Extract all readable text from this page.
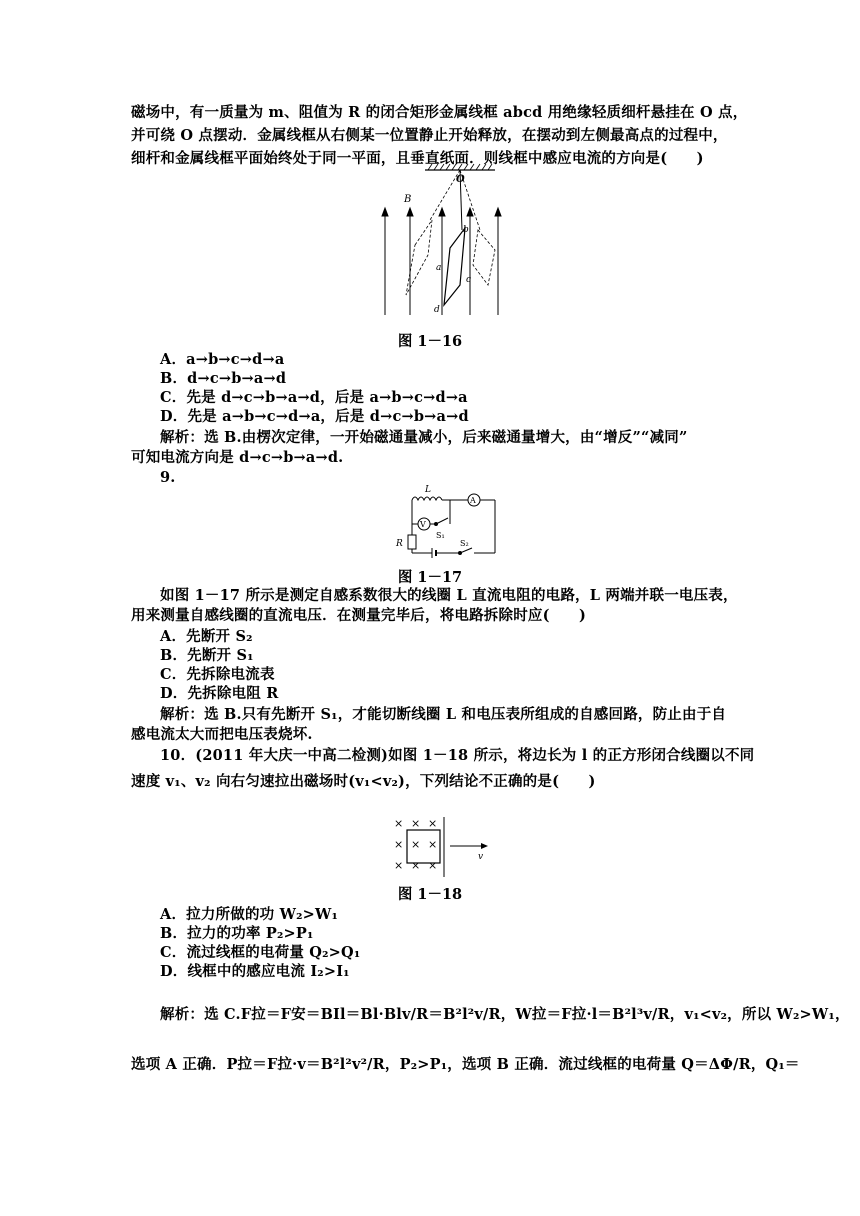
磁场中，有一质量为 m、阻值为 R 的闭合矩形金属线框 abcd 用绝缘轻质细杆悬挂在 O 点，
并可绕 O 点摆动．金属线框从右侧某一位置静止开始释放，在摆动到左侧最高点的过程中，
细杆和金属线框平面始终处于同一平面，且垂直纸面．则线框中感应电流的方向是(　　)
O
B
a
b
c
d
图 1－16
A．a→b→c→d→a
B．d→c→b→a→d
C．先是 d→c→b→a→d，后是 a→b→c→d→a
D．先是 a→b→c→d→a，后是 d→c→b→a→d
解析：选 B.由楞次定律，一开始磁通量减小，后来磁通量增大，由“增反”“减同”
可知电流方向是 d→c→b→a→d.
9.
L
A
V
S₁
S₂
R
图 1－17
如图 1－17 所示是测定自感系数很大的线圈 L 直流电阻的电路，L 两端并联一电压表，
用来测量自感线圈的直流电压．在测量完毕后，将电路拆除时应(　　)
A．先断开 S₂
B．先断开 S₁
C．先拆除电流表
D．先拆除电阻 R
解析：选 B.只有先断开 S₁，才能切断线圈 L 和电压表所组成的自感回路，防止由于自
感电流太大而把电压表烧坏.
10．(2011 年大庆一中高二检测)如图 1－18 所示，将边长为 l 的正方形闭合线圈以不同
速度 v₁、v₂ 向右匀速拉出磁场时(v₁<v₂)，下列结论不正确的是(　　)
× × ×
× × ×
× × ×
v
图 1－18
A．拉力所做的功 W₂>W₁
B．拉力的功率 P₂>P₁
C．流过线框的电荷量 Q₂>Q₁
D．线框中的感应电流 I₂>I₁
解析：选 C.F拉＝F安＝BIl＝Bl·Blv/R＝B²l²v/R，W拉＝F拉·l＝B²l³v/R，v₁<v₂，所以 W₂>W₁，
选项 A 正确．P拉＝F拉·v＝B²l²v²/R，P₂>P₁，选项 B 正确．流过线框的电荷量 Q＝ΔΦ/R，Q₁＝
